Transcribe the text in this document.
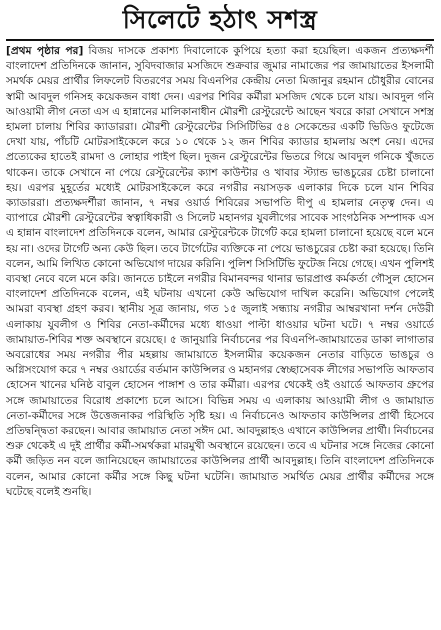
সিলেটে হঠাৎ সশস্ত্র

[প্রথম পৃষ্ঠার পর] বিজয় দাসকে প্রকাশ্য দিবালোকে কুপিয়ে হত্যা করা হয়েছিল। একজন প্রত্যক্ষদর্শী বাংলাদেশ প্রতিদিনকে জানান, সুবিদবাজার মসজিদে শুক্রবার জুমার নামাজের পর জামায়াতের ইসলামী সমর্থক মেয়র প্রার্থীর লিফলেট বিতরণের সময় বিএনপির কেন্দ্রীয় নেতা মিজানুর রহমান চৌধুরীর বোনের স্বামী আবদুল গনিসহ কয়েকজন বাধা দেন। এরপর শিবির কর্মীরা মসজিদ থেকে চলে যায়। আবদুল গনি আওয়ামী লীগ নেতা এস এ হান্নানের মালিকানাধীন মৌরশী রেস্টুরেন্টে আছেন খবরে কারা সেখানে সশস্ত্র হামলা চালায় শিবির ক্যাডাররা। মৌরশী রেস্টুরেন্টের সিসিটিভির ৫৪ সেকেন্ডের একটি ভিডিও ফুটেজে দেখা যায়, পাঁচটি মোটরসাইকেলে করে ১০ থেকে ১২ জন শিবির ক্যাডার হামলায় অংশ নেয়। এদের প্রত্যেকের হাতেই রামদা ও লোহার পাইপ ছিল। দুজন রেস্টুরেন্টের ভিতরে গিয়ে আবদুল গনিকে খুঁজতে থাকেন। তাকে সেখানে না পেয়ে রেস্টুরেন্টের ক্যাশ কাউন্টার ও খাবার স্ট্যান্ড ভাঙচুরের চেষ্টা চালানো হয়। এরপর মুহূর্তের মধ্যেই মোটরসাইকেলে করে নগরীর নয়াসড়ক এলাকার দিকে চলে যান শিবির ক্যাডাররা। প্রত্যক্ষদর্শীরা জানান, ৭ নম্বর ওয়ার্ড শিবিরের সভাপতি দীপু এ হামলার নেতৃত্ব দেন। এ ব্যাপারে মৌরশী রেস্টুরেন্টের স্বত্বাধিকারী ও সিলেট মহানগর যুবলীগের সাবেক সাংগঠনিক সম্পাদক এস এ হান্নান বাংলাদেশ প্রতিদিনকে বলেন, আমার রেস্টুরেন্টকে টার্গেট করে হামলা চালানো হয়েছে বলে মনে হয় না। ওদের টার্গেট অন্য কেউ ছিল। তবে টার্গেটের ব্যক্তিকে না পেয়ে ভাঙচুরের চেষ্টা করা হয়েছে। তিনি বলেন, আমি লিখিত কোনো অভিযোগ দায়ের করিনি। পুলিশ সিসিটিভি ফুটেজ নিয়ে গেছে। এখন পুলিশই ব্যবস্থা নেবে বলে মনে করি। জানতে চাইলে নগরীর বিমানবন্দর থানার ভারপ্রাপ্ত কর্মকর্তা গৌসুল হোসেন বাংলাদেশ প্রতিদিনকে বলেন, এই ঘটনায় এখনো কেউ অভিযোগ দাখিল করেনি। অভিযোগ পেলেই আমরা ব্যবস্থা গ্রহণ করব। স্থানীয় সূত্র জানায়, গত ১৫ জুলাই সন্ধ্যায় নগরীর আম্বরখানা দর্শন দেউরী এলাকায় যুবলীগ ও শিবির নেতা-কর্মীদের মধ্যে ধাওয়া পাল্টা ধাওয়ার ঘটনা ঘটে। ৭ নম্বর ওয়ার্ডে জামায়াত-শিবির শক্ত অবস্থানে রয়েছে। ৫ জানুয়ারি নির্বাচনের পর বিএনপি-জামায়াতের ডাকা লাগাতার অবরোধের সময় নগরীর পীর মহল্লায় জামায়াতে ইসলামীর কয়েকজন নেতার বাড়িতে ভাঙচুর ও অগ্নিসংযোগ করে ৭ নম্বর ওয়ার্ডের বর্তমান কাউন্সিলর ও মহানগর স্বেচ্ছাসেবক লীগের সভাপতি আফতাব হোসেন খানের ঘনিষ্ঠ বাবুল হোসেন পাঙ্গাশ ও তার কর্মীরা। এরপর থেকেই ওই ওয়ার্ডে আফতাব গ্রুপের সঙ্গে জামায়াতের বিরোধ প্রকাশ্যে চলে আসে। বিভিন্ন সময় এ এলাকায় আওয়ামী লীগ ও জামায়াত নেতা-কর্মীদের সঙ্গে উত্তেজনাকর পরিস্থিতি সৃষ্টি হয়। এ নির্বাচনেও আফতাব কাউন্সিলর প্রার্থী হিসেবে প্রতিদ্বন্দ্বিতা করছেন। আবার জামায়াত নেতা সঈদ মো. আবদুল্লাহও এখানে কাউন্সিলর প্রার্থী। নির্বাচনের শুরু থেকেই এ দুই প্রার্থীর কর্মী-সমর্থকরা মারমুখী অবস্থানে রয়েছেন। তবে এ ঘটনার সঙ্গে নিজের কোনো কর্মী জড়িত নন বলে জানিয়েছেন জামায়াতের কাউন্সিলর প্রার্থী আবদুল্লাহ। তিনি বাংলাদেশ প্রতিদিনকে বলেন, আমার কোনো কর্মীর সঙ্গে কিছু ঘটনা ঘটেনি। জামায়াত সমর্থিত মেয়র প্রার্থীর কর্মীদের সঙ্গে ঘটেছে বলেই শুনছি।
